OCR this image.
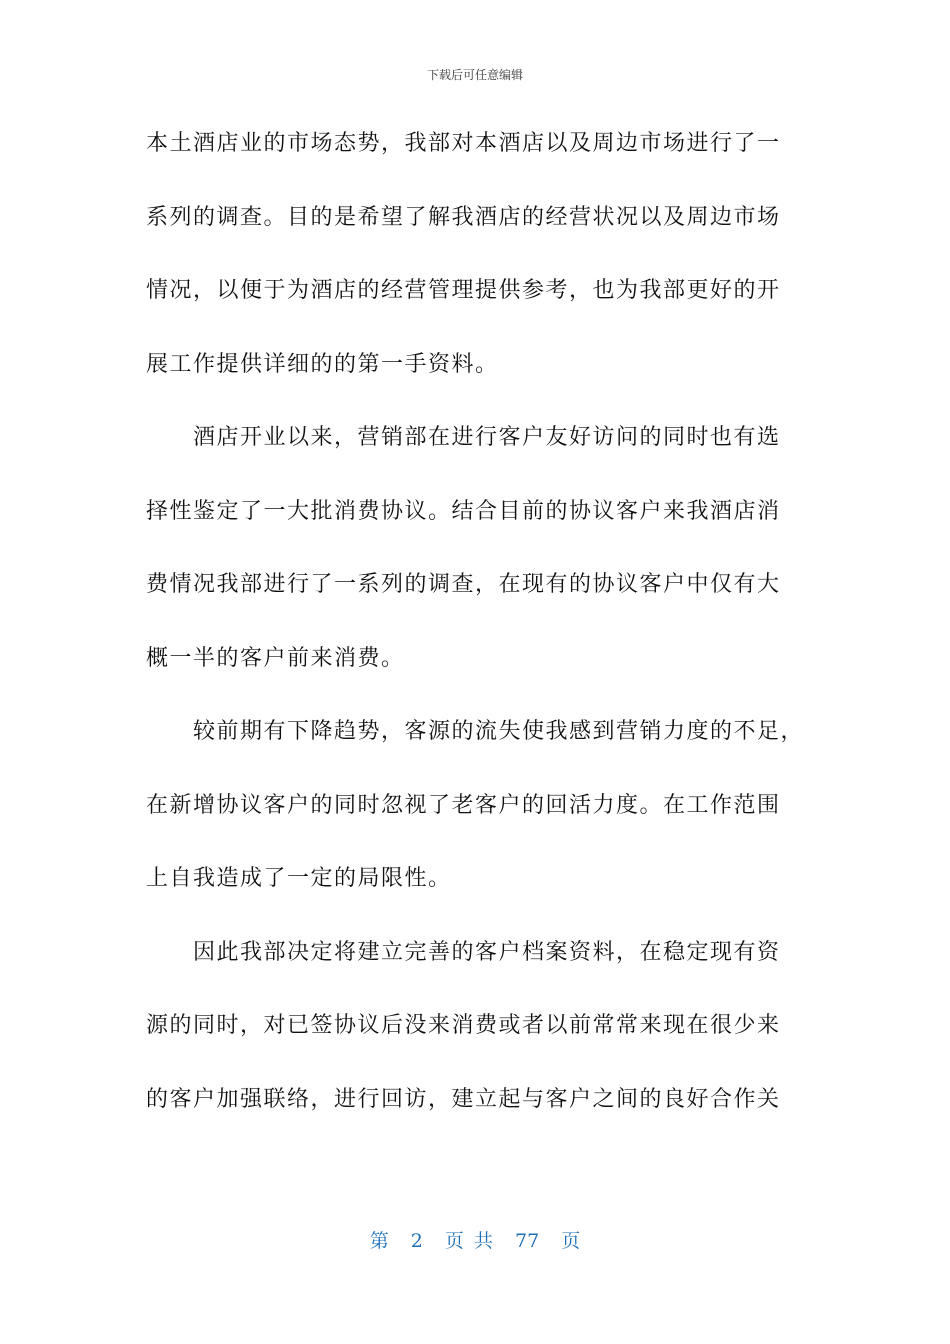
下载后可任意编辑
本土酒店业的市场态势，我部对本酒店以及周边市场进行了一
系列的调查。目的是希望了解我酒店的经营状况以及周边市场
情况，以便于为酒店的经营管理提供参考，也为我部更好的开
展工作提供详细的的第一手资料。
酒店开业以来，营销部在进行客户友好访问的同时也有选
择性鉴定了一大批消费协议。结合目前的协议客户来我酒店消
费情况我部进行了一系列的调查，在现有的协议客户中仅有大
概一半的客户前来消费。
较前期有下降趋势，客源的流失使我感到营销力度的不足，
在新增协议客户的同时忽视了老客户的回活力度。在工作范围
上自我造成了一定的局限性。
因此我部决定将建立完善的客户档案资料，在稳定现有资
源的同时，对已签协议后没来消费或者以前常常来现在很少来
的客户加强联络，进行回访，建立起与客户之间的良好合作关
第 2 页 共 77 页
